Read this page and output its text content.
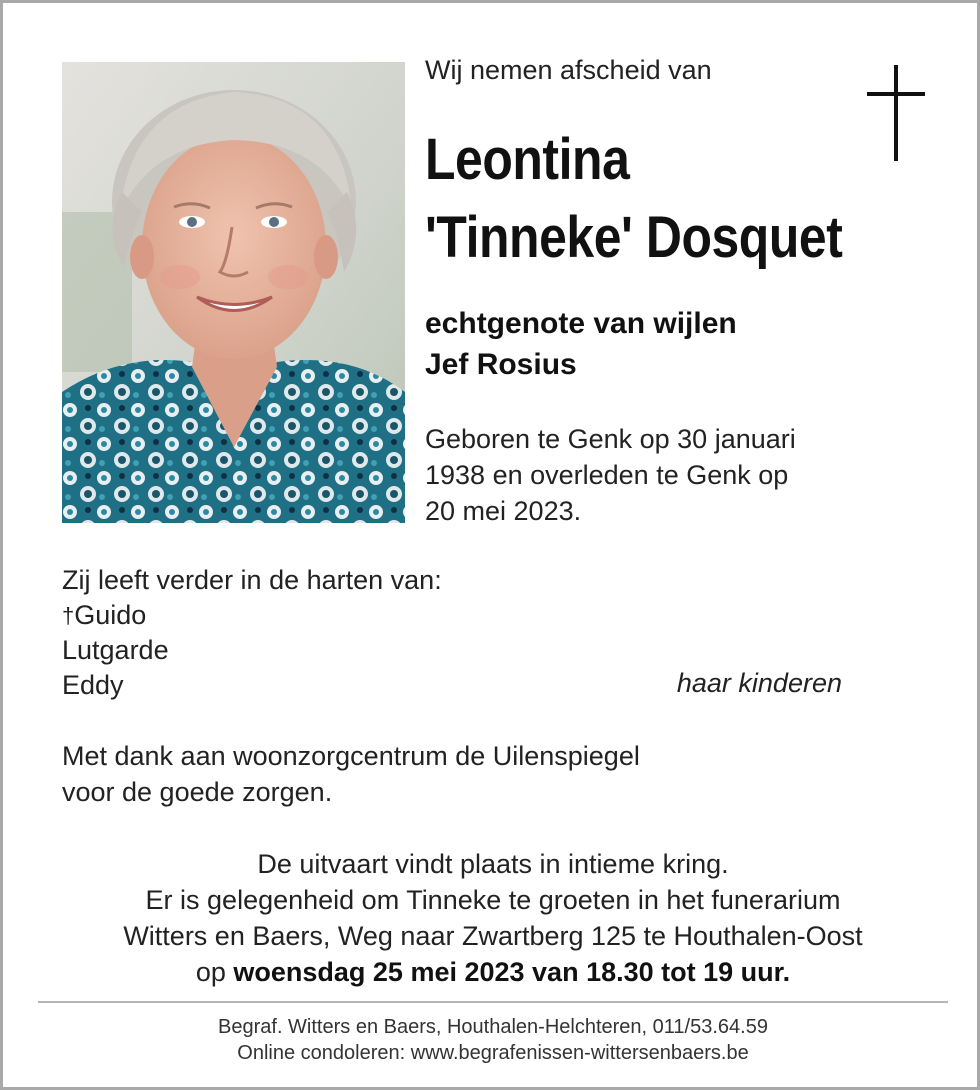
Wij nemen afscheid van
Leontina
'Tinneke' Dosquet
echtgenote van wijlen
Jef Rosius
Geboren te Genk op 30 januari
1938 en overleden te Genk op
20 mei 2023.
Zij leeft verder in de harten van:
†Guido
Lutgarde
Eddy	haar kinderen
Met dank aan woonzorgcentrum de Uilenspiegel
voor de goede zorgen.
De uitvaart vindt plaats in intieme kring.
Er is gelegenheid om Tinneke te groeten in het funerarium
Witters en Baers, Weg naar Zwartberg 125 te Houthalen-Oost
op woensdag 25 mei 2023 van 18.30 tot 19 uur.
Begraf. Witters en Baers, Houthalen-Helchteren, 011/53.64.59
Online condoleren: www.begrafenissen-wittersenbaers.be
